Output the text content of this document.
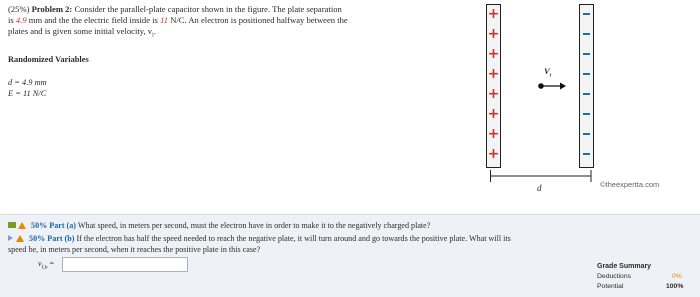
(25%) Problem 2: Consider the parallel-plate capacitor shown in the figure. The plate separation
is 4.9 mm and the the electric field inside is 11 N/C. An electron is positioned halfway between the
plates and is given some initial velocity, $v_i$.
Randomized Variables
d = 4.9 mm
E = 11 N/C
+
+
+
+
+
+
+
+
$V_i$
d	©theexpertta.com
50% Part (a) What speed, in meters per second, must the electron have in order to make it to the negatively charged plate?
50% Part (b) If the electron has half the speed needed to reach the negative plate, it will turn around and go towards the positive plate. What will its
speed be, in meters per second, when it reaches the positive plate in this case?
$v_{f,b}$ =	Grade Summary
Deductions	0%
Potential	100%
